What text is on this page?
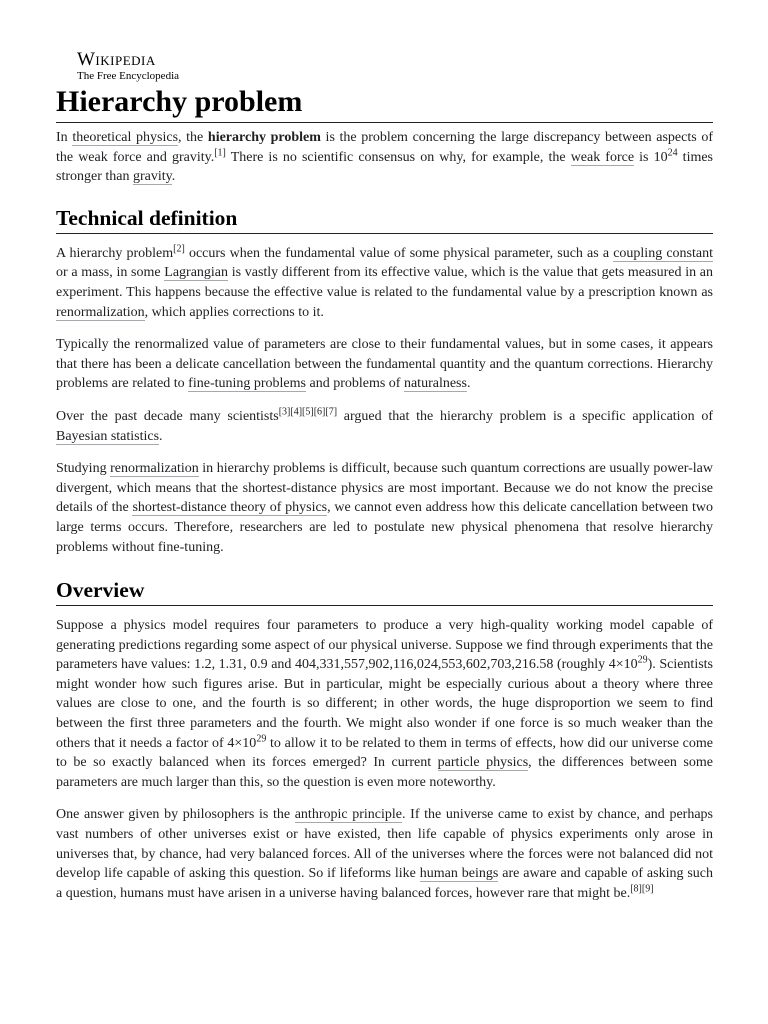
Wikipedia
The Free Encyclopedia
Hierarchy problem

In theoretical physics, the hierarchy problem is the problem concerning the large discrepancy between aspects of the weak force and gravity.[1] There is no scientific consensus on why, for example, the weak force is $10^{24}$ times stronger than gravity.

Technical definition

A hierarchy problem[2] occurs when the fundamental value of some physical parameter, such as a coupling constant or a mass, in some Lagrangian is vastly different from its effective value, which is the value that gets measured in an experiment. This happens because the effective value is related to the fundamental value by a prescription known as renormalization, which applies corrections to it.

Typically the renormalized value of parameters are close to their fundamental values, but in some cases, it appears that there has been a delicate cancellation between the fundamental quantity and the quantum corrections. Hierarchy problems are related to fine-tuning problems and problems of naturalness.

Over the past decade many scientists[3][4][5][6][7] argued that the hierarchy problem is a specific application of Bayesian statistics.

Studying renormalization in hierarchy problems is difficult, because such quantum corrections are usually power-law divergent, which means that the shortest-distance physics are most important. Because we do not know the precise details of the shortest-distance theory of physics, we cannot even address how this delicate cancellation between two large terms occurs. Therefore, researchers are led to postulate new physical phenomena that resolve hierarchy problems without fine-tuning.

Overview

Suppose a physics model requires four parameters to produce a very high-quality working model capable of generating predictions regarding some aspect of our physical universe. Suppose we find through experiments that the parameters have values: 1.2, 1.31, 0.9 and 404,331,557,902,116,024,553,602,703,216.58 (roughly $4\times 10^{29}$). Scientists might wonder how such figures arise. But in particular, might be especially curious about a theory where three values are close to one, and the fourth is so different; in other words, the huge disproportion we seem to find between the first three parameters and the fourth. We might also wonder if one force is so much weaker than the others that it needs a factor of $4\times 10^{29}$ to allow it to be related to them in terms of effects, how did our universe come to be so exactly balanced when its forces emerged? In current particle physics, the differences between some parameters are much larger than this, so the question is even more noteworthy.

One answer given by philosophers is the anthropic principle. If the universe came to exist by chance, and perhaps vast numbers of other universes exist or have existed, then life capable of physics experiments only arose in universes that, by chance, had very balanced forces. All of the universes where the forces were not balanced did not develop life capable of asking this question. So if lifeforms like human beings are aware and capable of asking such a question, humans must have arisen in a universe having balanced forces, however rare that might be.[8][9]
